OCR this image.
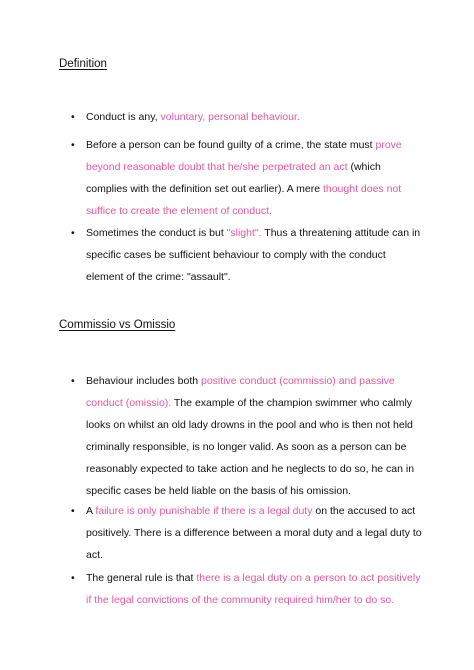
Definition
•	Conduct is any, voluntary, personal behaviour.
•	Before a person can be found guilty of a crime, the state must prove beyond reasonable doubt that he/she perpetrated an act (which complies with the definition set out earlier). A mere thought does not suffice to create the element of conduct.
•	Sometimes the conduct is but "slight". Thus a threatening attitude can in specific cases be sufficient behaviour to comply with the conduct element of the crime: "assault".
Commissio vs Omissio
•	Behaviour includes both positive conduct (commissio) and passive conduct (omissio). The example of the champion swimmer who calmly looks on whilst an old lady drowns in the pool and who is then not held criminally responsible, is no longer valid. As soon as a person can be reasonably expected to take action and he neglects to do so, he can in specific cases be held liable on the basis of his omission.
•	A failure is only punishable if there is a legal duty on the accused to act positively. There is a difference between a moral duty and a legal duty to act.
•	The general rule is that there is a legal duty on a person to act positively if the legal convictions of the community required him/her to do so.
